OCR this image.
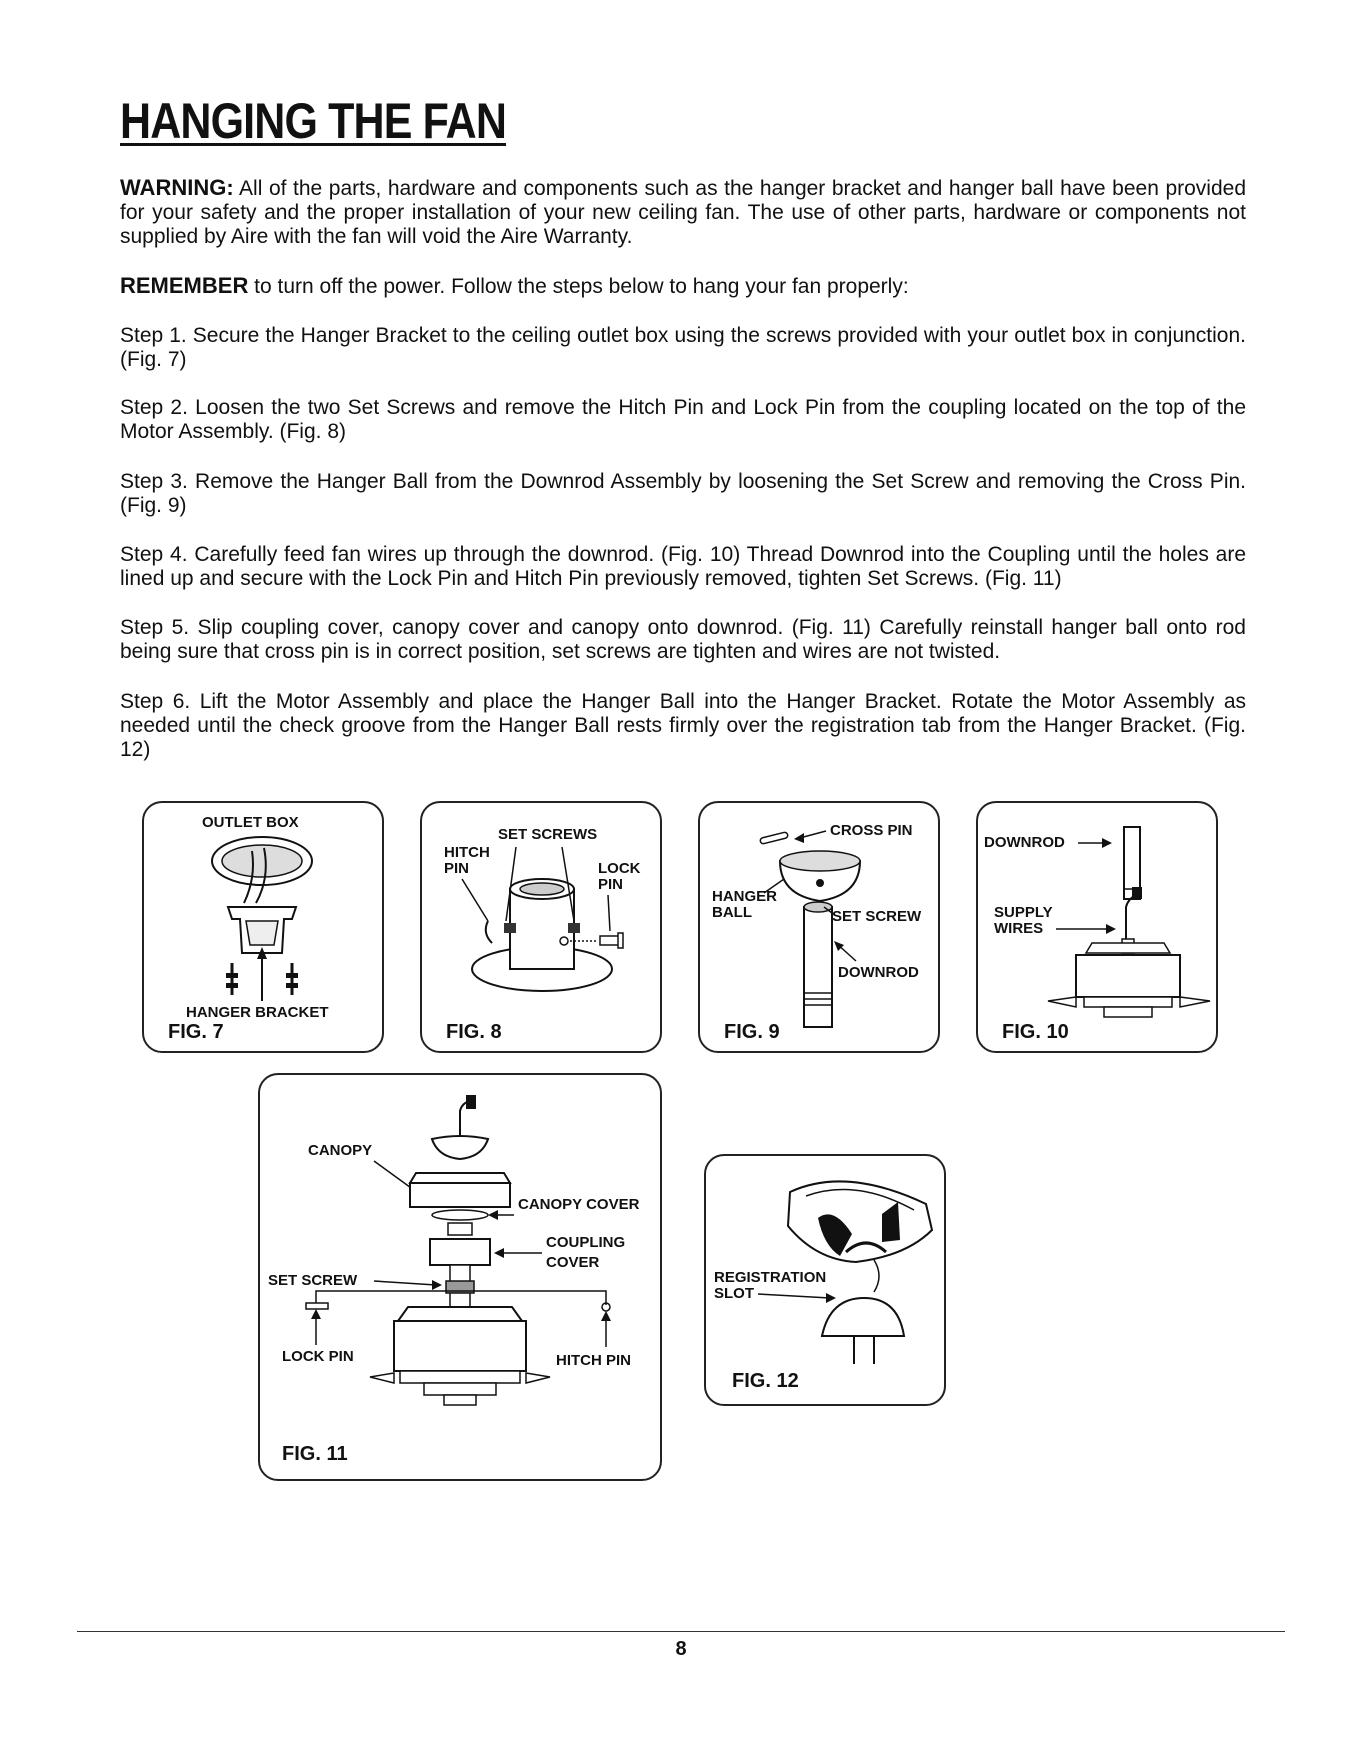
HANGING THE FAN

WARNING: All of the parts, hardware and components such as the hanger bracket and hanger ball have been provided for your safety and the proper installation of your new ceiling fan. The use of other parts, hardware or components not supplied by Aire with the fan will void the Aire Warranty.

REMEMBER to turn off the power. Follow the steps below to hang your fan properly:

Step 1. Secure the Hanger Bracket to the ceiling outlet box using the screws provided with your outlet box in conjunction. (Fig. 7)

Step 2. Loosen the two Set Screws and remove the Hitch Pin and Lock Pin from the coupling located on the top of the Motor Assembly. (Fig. 8)

Step 3. Remove the Hanger Ball from the Downrod Assembly by loosening the Set Screw and removing the Cross Pin. (Fig. 9)

Step 4. Carefully feed fan wires up through the downrod. (Fig. 10) Thread Downrod into the Coupling until the holes are lined up and secure with the Lock Pin and Hitch Pin previously removed, tighten Set Screws. (Fig. 11)

Step 5. Slip coupling cover, canopy cover and canopy onto downrod. (Fig. 11) Carefully reinstall hanger ball onto rod being sure that cross pin is in correct position, set screws are tighten and wires are not twisted.

Step 6. Lift the Motor Assembly and place the Hanger Ball into the Hanger Bracket. Rotate the Motor Assembly as needed until the check groove from the Hanger Ball rests firmly over the registration tab from the Hanger Bracket. (Fig. 12)

OUTLET BOX
HANGER BRACKET
FIG. 7
SET SCREWS
HITCH
PIN	LOCK
PIN
FIG. 8
CROSS PIN
HANGER
BALL	SET SCREW
DOWNROD
FIG. 9
DOWNROD
SUPPLY
WIRES
FIG. 10
CANOPY
CANOPY COVER
COUPLING
COVER
SET SCREW
LOCK PIN	HITCH PIN
FIG. 11
REGISTRATION
SLOT
FIG. 12
8
